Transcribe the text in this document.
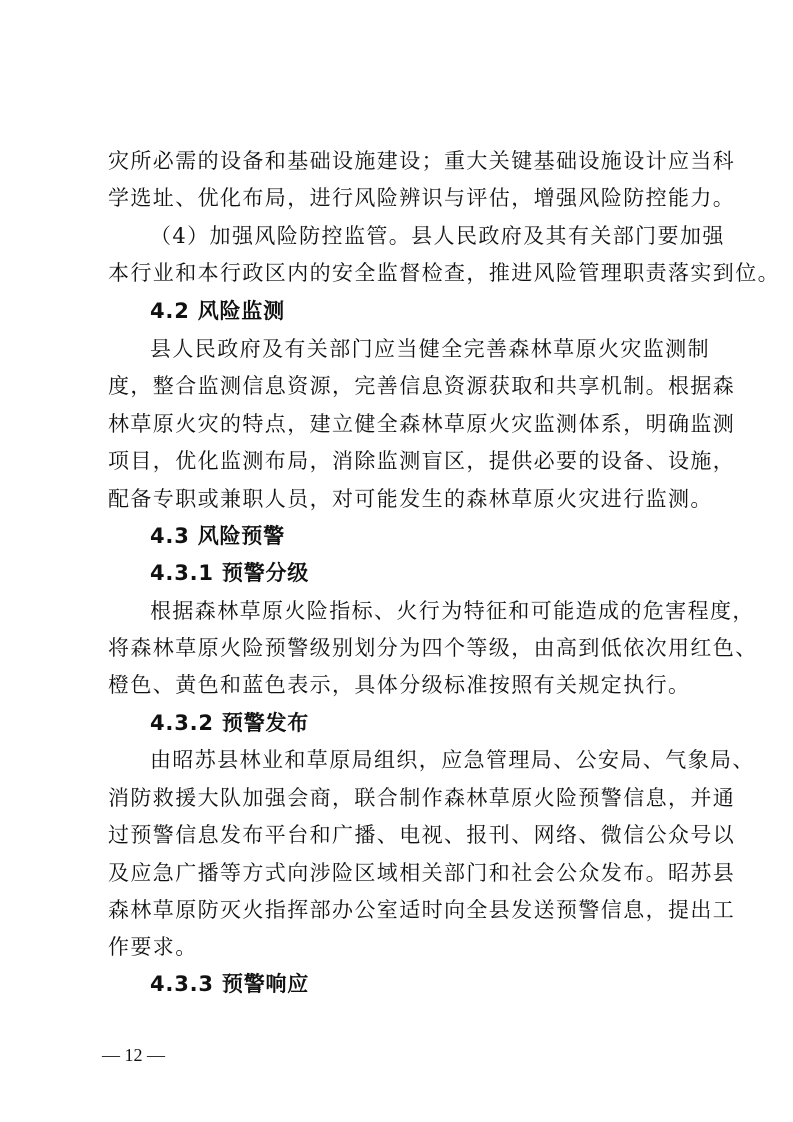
灾所必需的设备和基础设施建设；重大关键基础设施设计应当科
学选址、优化布局，进行风险辨识与评估，增强风险防控能力。
（4）加强风险防控监管。县人民政府及其有关部门要加强
本行业和本行政区内的安全监督检查，推进风险管理职责落实到位。
4.2 风险监测
县人民政府及有关部门应当健全完善森林草原火灾监测制
度，整合监测信息资源，完善信息资源获取和共享机制。根据森
林草原火灾的特点，建立健全森林草原火灾监测体系，明确监测
项目，优化监测布局，消除监测盲区，提供必要的设备、设施，
配备专职或兼职人员，对可能发生的森林草原火灾进行监测。
4.3 风险预警
4.3.1 预警分级
根据森林草原火险指标、火行为特征和可能造成的危害程度，
将森林草原火险预警级别划分为四个等级，由高到低依次用红色、
橙色、黄色和蓝色表示，具体分级标准按照有关规定执行。
4.3.2 预警发布
由昭苏县林业和草原局组织，应急管理局、公安局、气象局、
消防救援大队加强会商，联合制作森林草原火险预警信息，并通
过预警信息发布平台和广播、电视、报刊、网络、微信公众号以
及应急广播等方式向涉险区域相关部门和社会公众发布。昭苏县
森林草原防灭火指挥部办公室适时向全县发送预警信息，提出工
作要求。
4.3.3 预警响应
— 12 —
